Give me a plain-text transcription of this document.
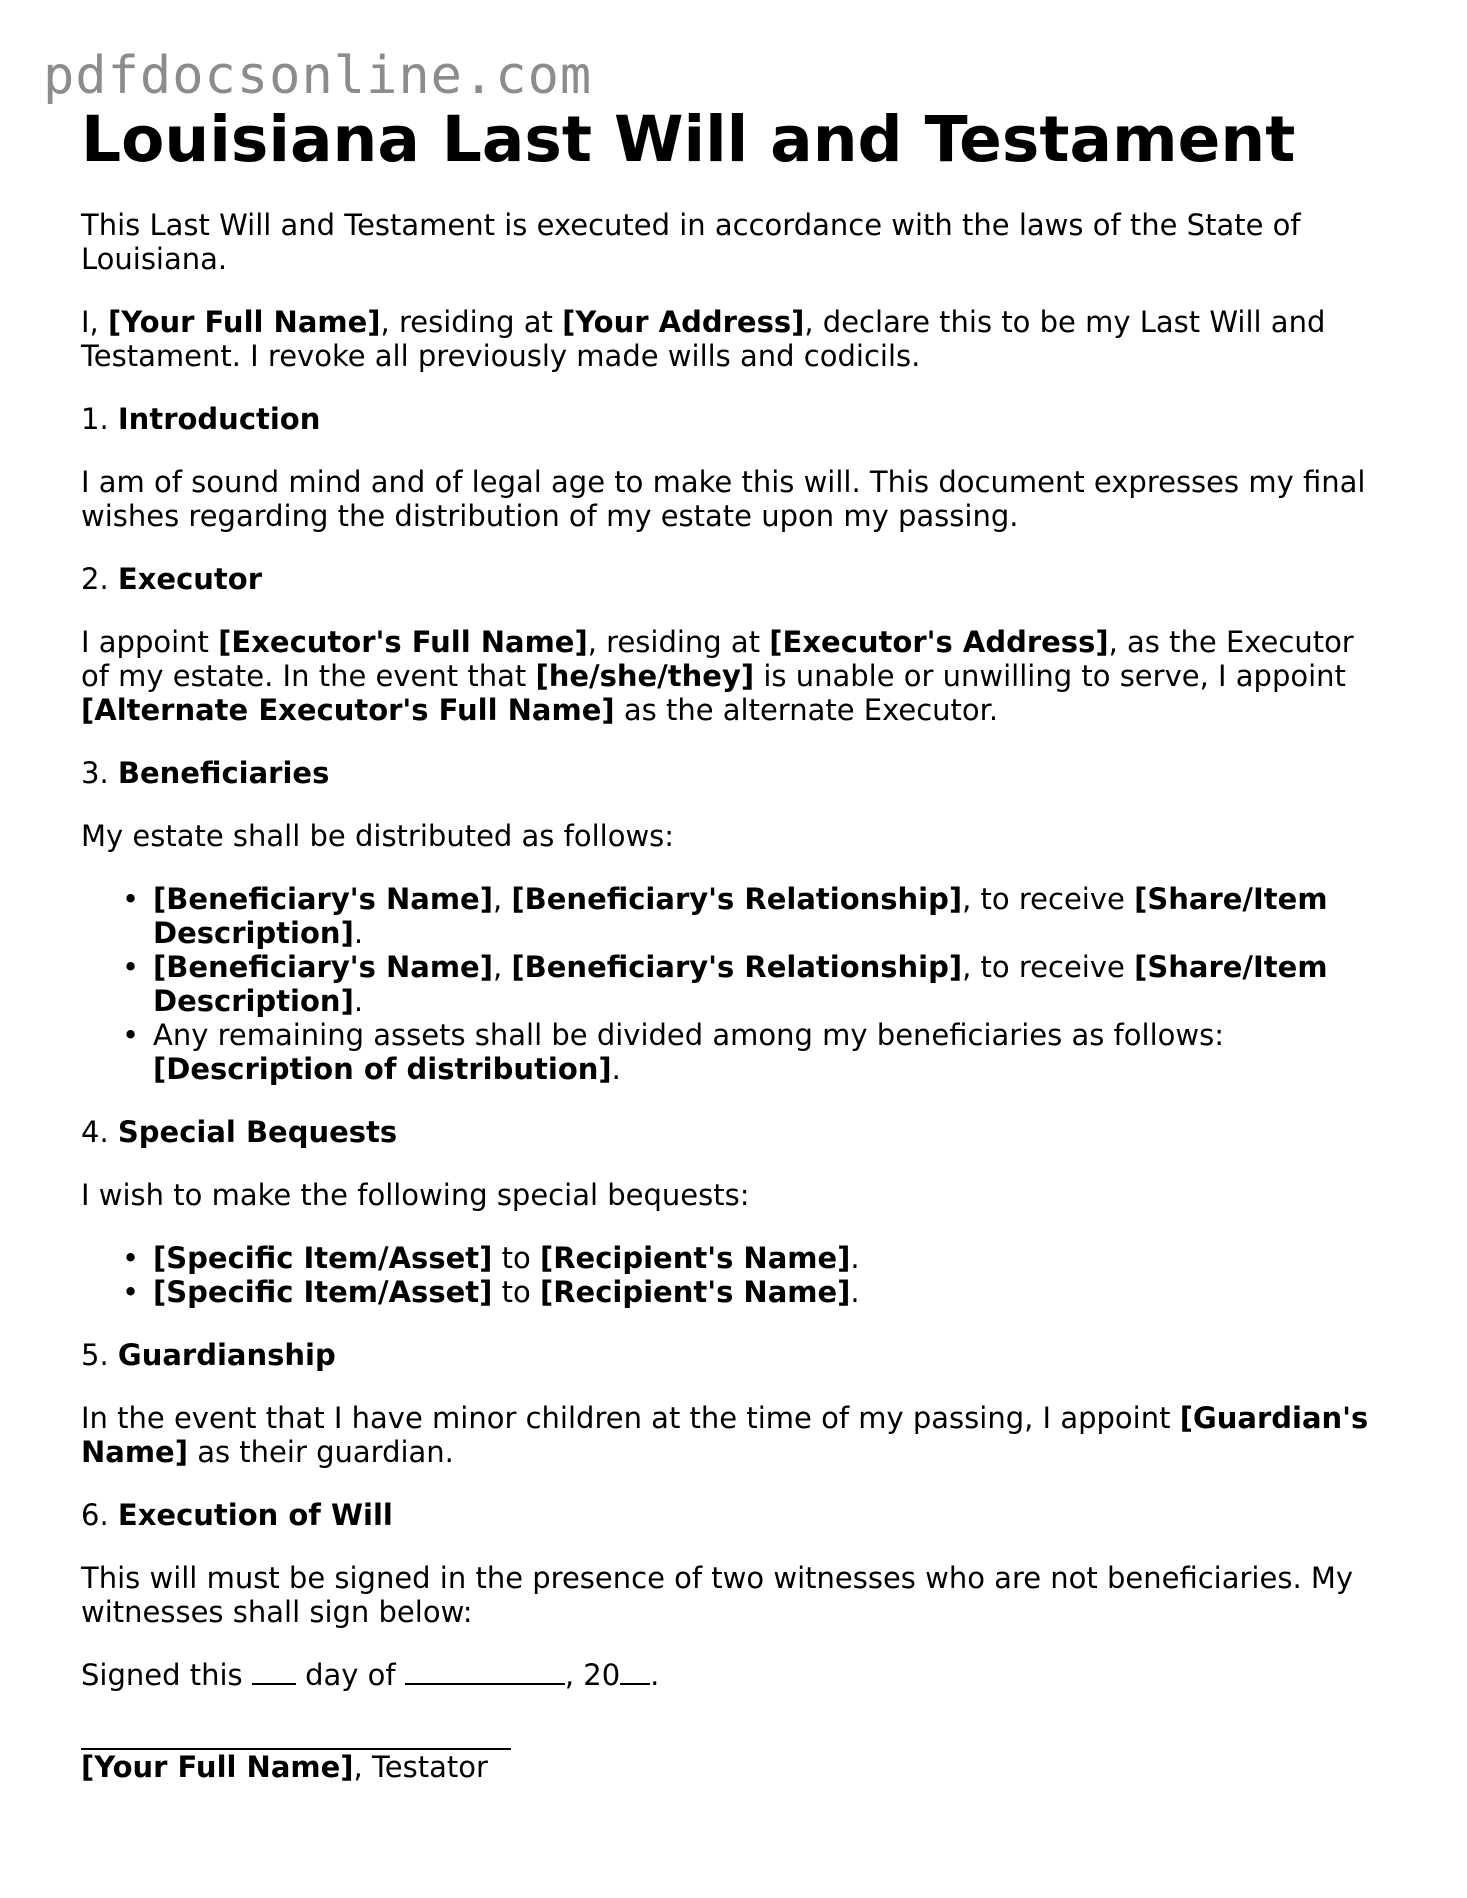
pdfdocsonline.com
Louisiana Last Will and Testament

This Last Will and Testament is executed in accordance with the laws of the State of Louisiana.

I, [Your Full Name], residing at [Your Address], declare this to be my Last Will and Testament. I revoke all previously made wills and codicils.

1. Introduction

I am of sound mind and of legal age to make this will. This document expresses my final wishes regarding the distribution of my estate upon my passing.

2. Executor

I appoint [Executor's Full Name], residing at [Executor's Address], as the Executor of my estate. In the event that [he/she/they] is unable or unwilling to serve, I appoint [Alternate Executor's Full Name] as the alternate Executor.

3. Beneficiaries

My estate shall be distributed as follows:

• [Beneficiary's Name], [Beneficiary's Relationship], to receive [Share/Item Description].
• [Beneficiary's Name], [Beneficiary's Relationship], to receive [Share/Item Description].
• Any remaining assets shall be divided among my beneficiaries as follows: [Description of distribution].

4. Special Bequests

I wish to make the following special bequests:

• [Specific Item/Asset] to [Recipient's Name].
• [Specific Item/Asset] to [Recipient's Name].

5. Guardianship

In the event that I have minor children at the time of my passing, I appoint [Guardian's Name] as their guardian.

6. Execution of Will

This will must be signed in the presence of two witnesses who are not beneficiaries. My witnesses shall sign below:

Signed this  day of	, 20 .

[Your Full Name], Testator
